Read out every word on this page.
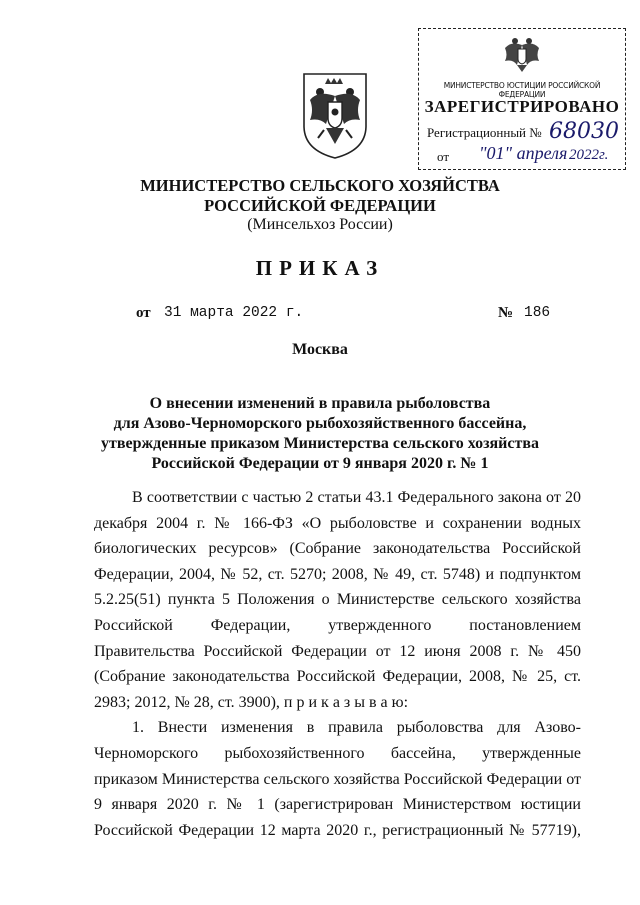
МИНИСТЕРСТВО ЮСТИЦИИ РОССИЙСКОЙ ФЕДЕРАЦИИ
ЗАРЕГИСТРИРОВАНО
Регистрационный № 68030
от "01" апреля 2022г.
МИНИСТЕРСТВО СЕЛЬСКОГО ХОЗЯЙСТВА
РОССИЙСКОЙ ФЕДЕРАЦИИ
(Минсельхоз России)
ПРИКАЗ
от 31 марта 2022 г.	№ 186
Москва
О внесении изменений в правила рыболовства
для Азово-Черноморского рыбохозяйственного бассейна,
утвержденные приказом Министерства сельского хозяйства
Российской Федерации от 9 января 2020 г. № 1

В соответствии с частью 2 статьи 43.1 Федерального закона от 20 декабря 2004 г. № 166-ФЗ «О рыболовстве и сохранении водных биологических ресурсов» (Собрание законодательства Российской Федерации, 2004, № 52, ст. 5270; 2008, № 49, ст. 5748) и подпунктом 5.2.25(51) пункта 5 Положения о Министерстве сельского хозяйства Российской Федерации, утвержденного постановлением Правительства Российской Федерации от 12 июня 2008 г. № 450 (Собрание законодательства Российской Федерации, 2008, № 25, ст. 2983; 2012, № 28, ст. 3900), п р и к а з ы в а ю:

1. Внести изменения в правила рыболовства для Азово-Черноморского рыбохозяйственного бассейна, утвержденные приказом Министерства сельского хозяйства Российской Федерации от 9 января 2020 г. № 1 (зарегистрирован Министерством юстиции Российской Федерации 12 марта 2020 г., регистрационный № 57719),
